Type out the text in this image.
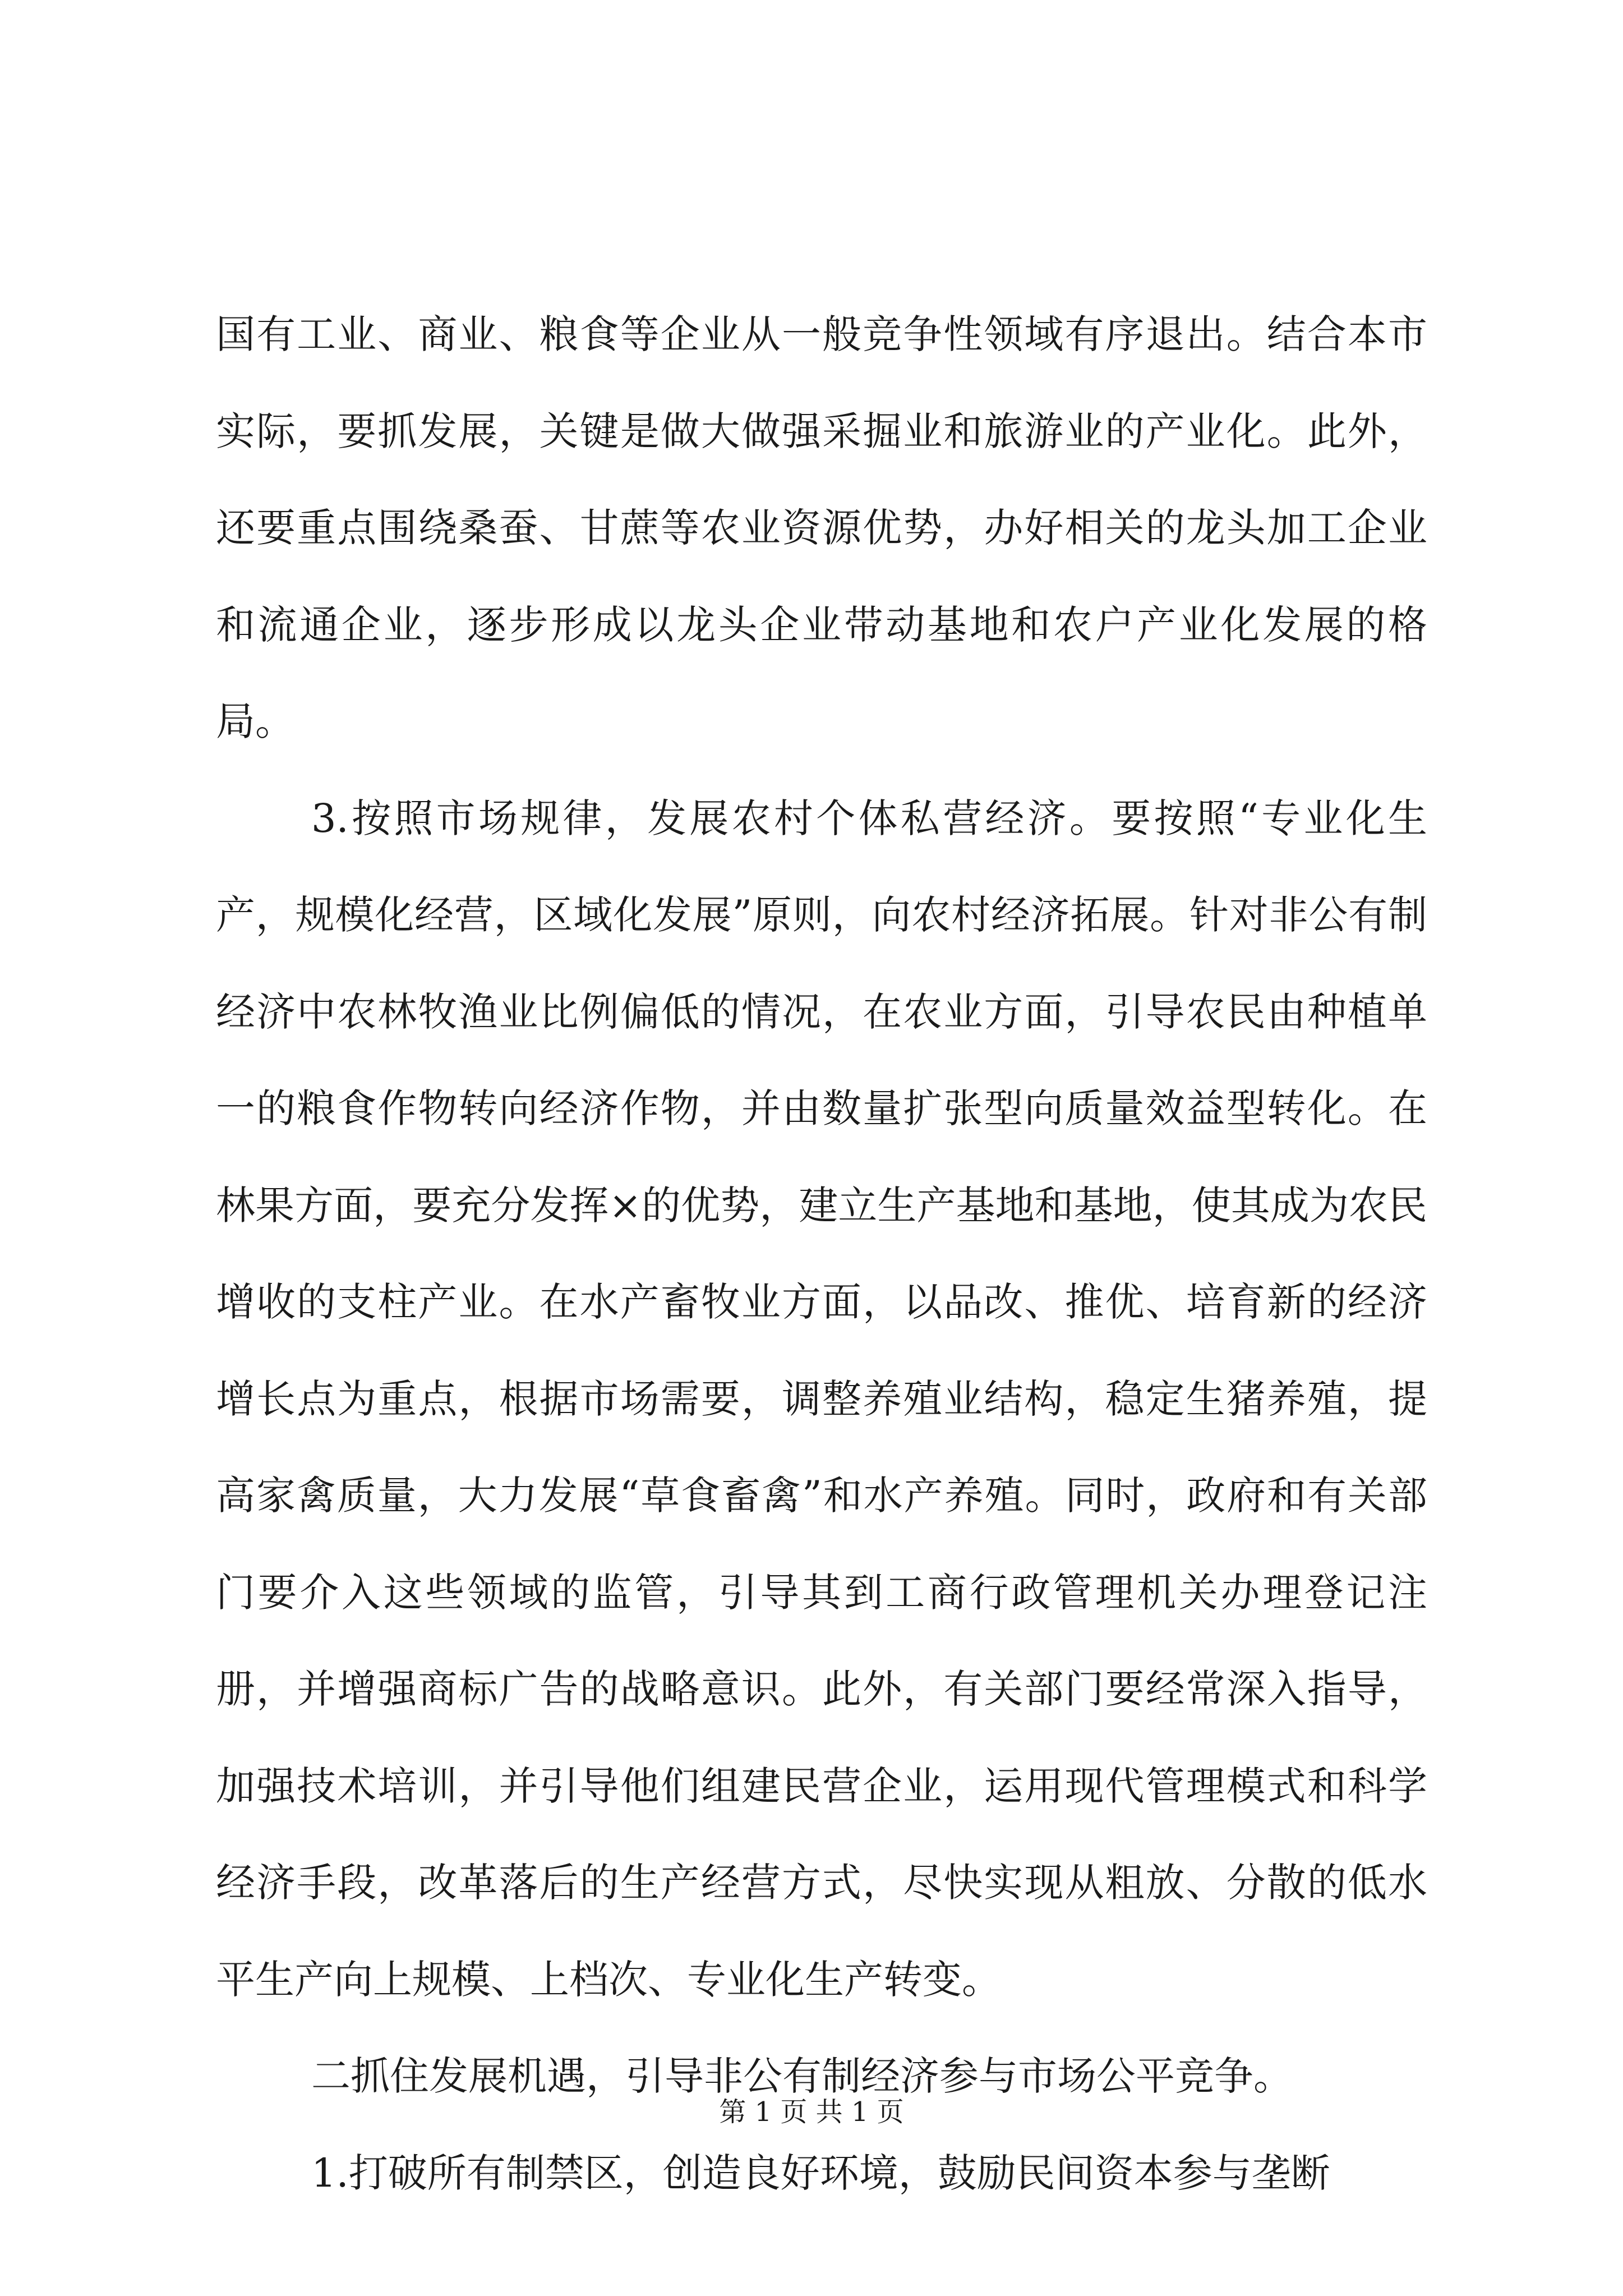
国有工业、商业、粮食等企业从一般竞争性领域有序退出。结合本市实际，要抓发展，关键是做大做强采掘业和旅游业的产业化。此外，还要重点围绕桑蚕、甘蔗等农业资源优势，办好相关的龙头加工企业和流通企业，逐步形成以龙头企业带动基地和农户产业化发展的格局。

3.按照市场规律，发展农村个体私营经济。要按照“专业化生产，规模化经营，区域化发展”原则，向农村经济拓展。针对非公有制经济中农林牧渔业比例偏低的情况，在农业方面，引导农民由种植单一的粮食作物转向经济作物，并由数量扩张型向质量效益型转化。在林果方面，要充分发挥×的优势，建立生产基地和基地，使其成为农民增收的支柱产业。在水产畜牧业方面，以品改、推优、培育新的经济增长点为重点，根据市场需要，调整养殖业结构，稳定生猪养殖，提高家禽质量，大力发展“草食畜禽”和水产养殖。同时，政府和有关部门要介入这些领域的监管，引导其到工商行政管理机关办理登记注册，并增强商标广告的战略意识。此外，有关部门要经常深入指导，加强技术培训，并引导他们组建民营企业，运用现代管理模式和科学经济手段，改革落后的生产经营方式，尽快实现从粗放、分散的低水平生产向上规模、上档次、专业化生产转变。

二抓住发展机遇，引导非公有制经济参与市场公平竞争。

1.打破所有制禁区，创造良好环境，鼓励民间资本参与垄断

第 1 页 共 1 页
